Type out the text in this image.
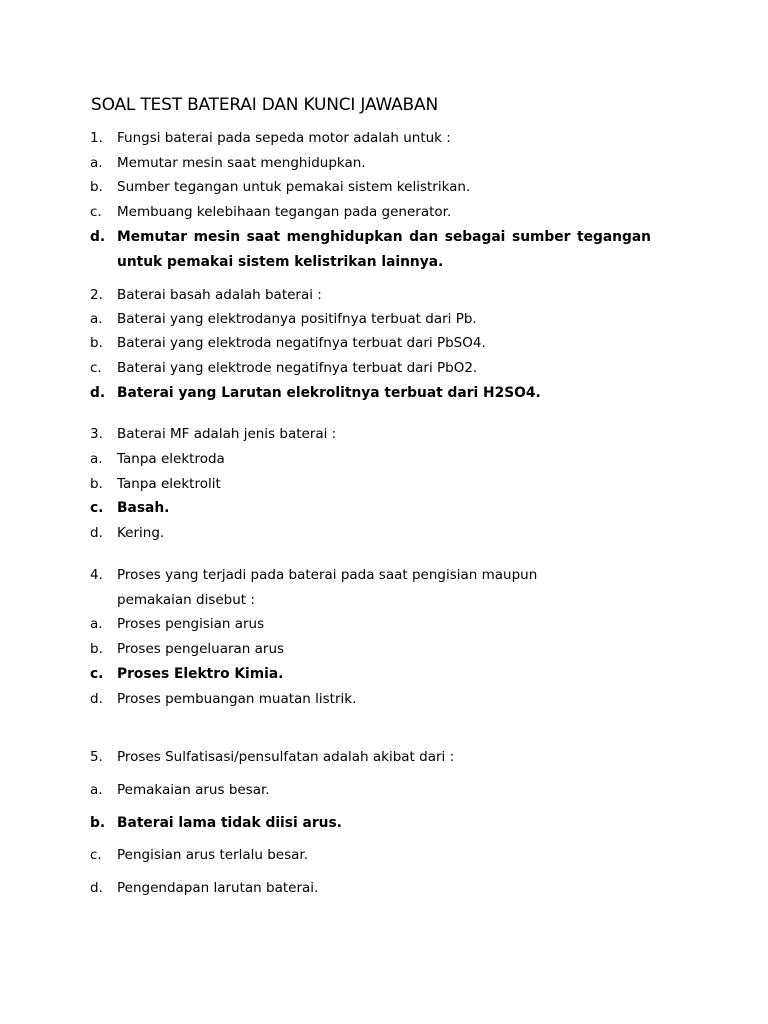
SOAL TEST BATERAI DAN KUNCI JAWABAN
1.	Fungsi baterai pada sepeda motor adalah untuk :
a.	Memutar mesin saat menghidupkan.
b.	Sumber tegangan untuk pemakai sistem kelistrikan.
c.	Membuang kelebihaan tegangan pada generator.
d. Memutar mesin saat menghidupkan dan sebagai sumber tegangan
untuk pemakai sistem kelistrikan lainnya.
2.	Baterai basah adalah baterai :
a.	Baterai yang elektrodanya positifnya terbuat dari Pb.
b.	Baterai yang elektroda negatifnya terbuat dari PbSO4.
c.	Baterai yang elektrode negatifnya terbuat dari PbO2.
d. Baterai yang Larutan elekrolitnya terbuat dari H2SO4.
3.	Baterai MF adalah jenis baterai :
a.	Tanpa elektroda
b.	Tanpa elektrolit
c. Basah.
d.	Kering.
4.	Proses yang terjadi pada baterai pada saat pengisian maupun
pemakaian disebut :
a.	Proses pengisian arus
b.	Proses pengeluaran arus
c. Proses Elektro Kimia.
d.	Proses pembuangan muatan listrik.
5.	Proses Sulfatisasi/pensulfatan adalah akibat dari :
a.	Pemakaian arus besar.
b. Baterai lama tidak diisi arus.
c.	Pengisian arus terlalu besar.
d.	Pengendapan larutan baterai.
